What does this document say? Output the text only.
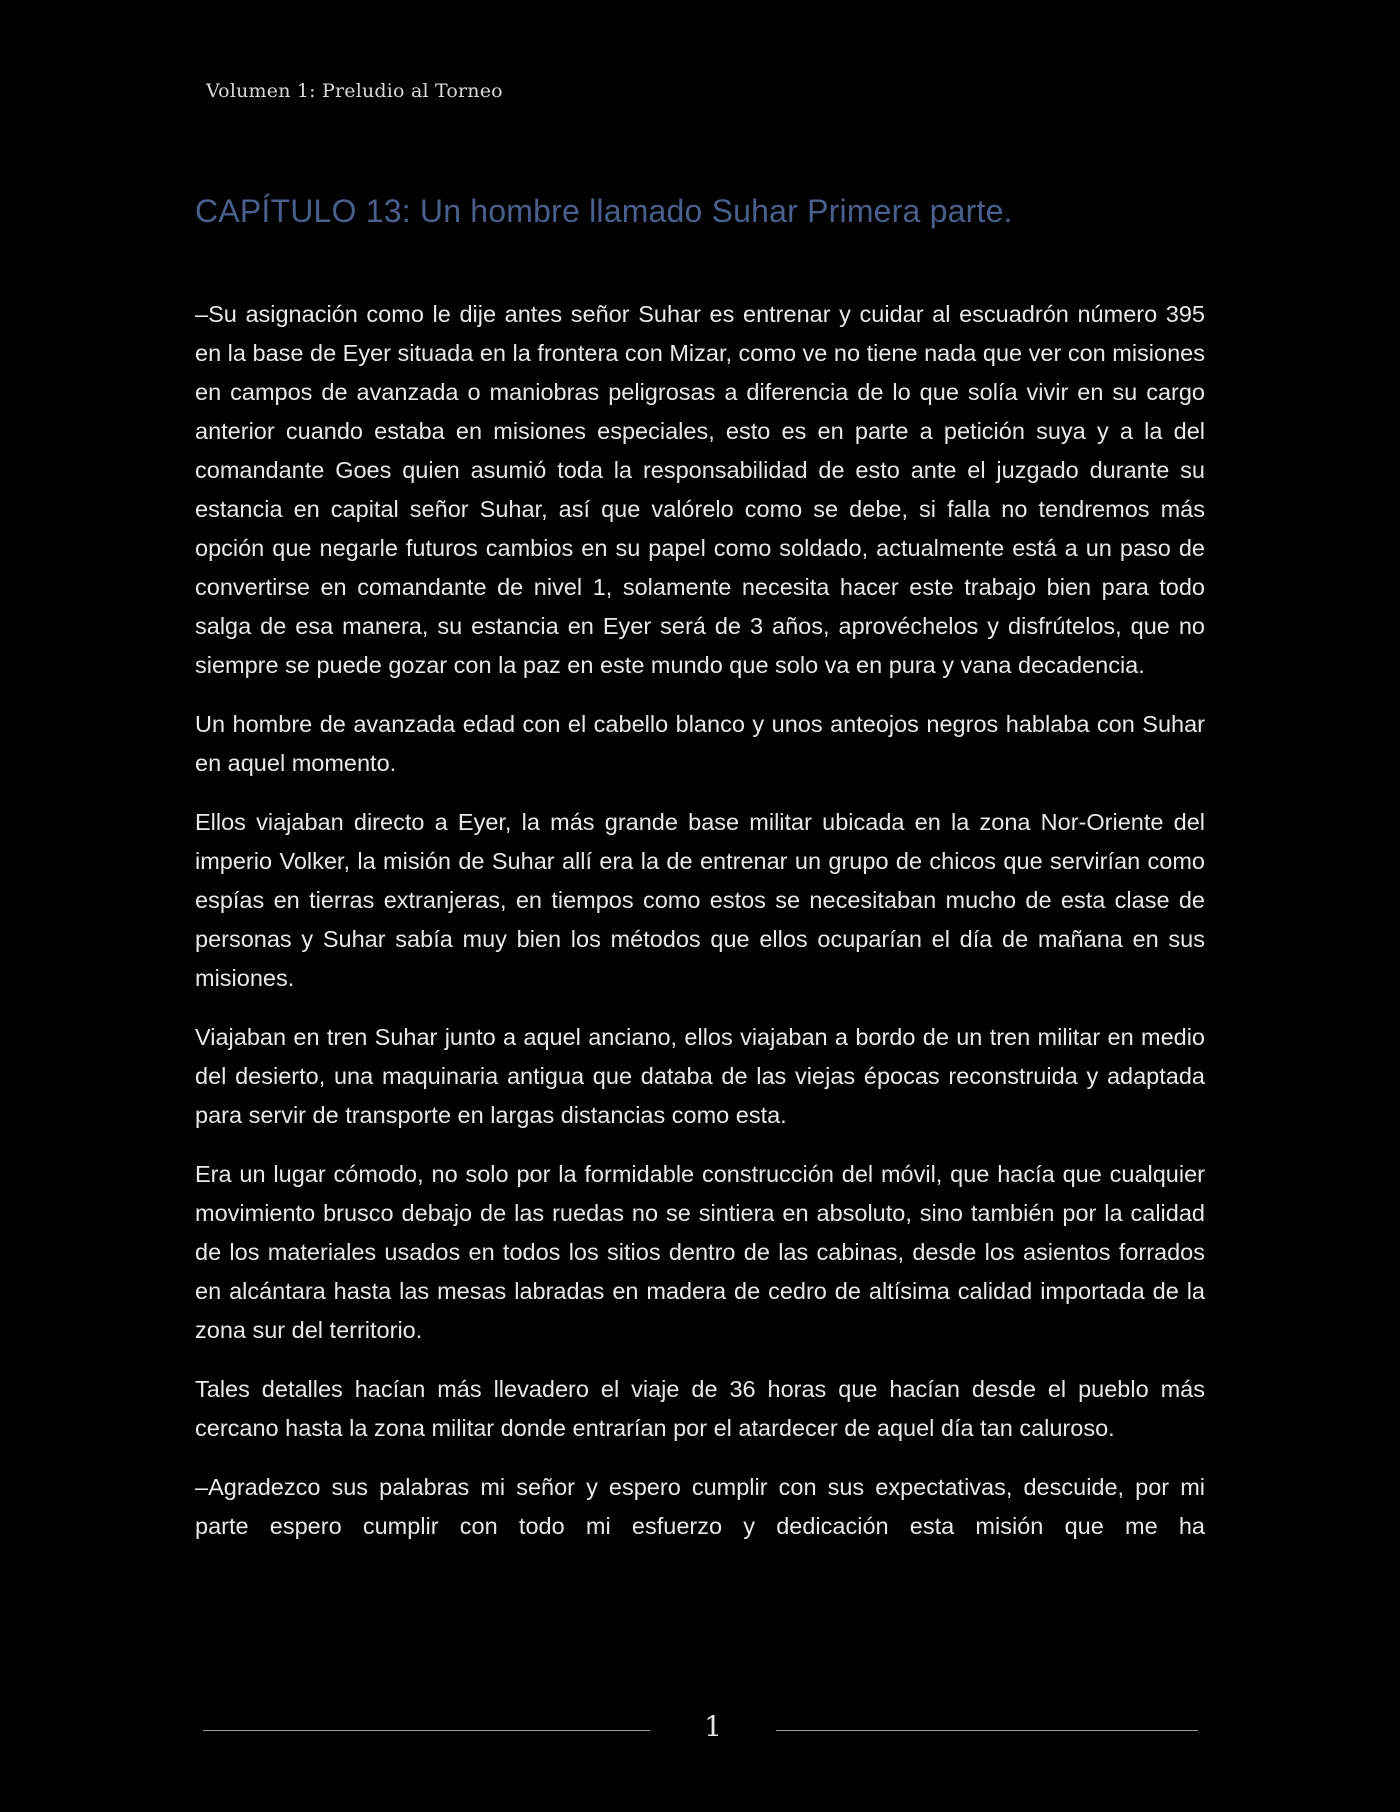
Volumen 1: Preludio al Torneo
CAPÍTULO 13: Un hombre llamado Suhar Primera parte.

–Su asignación como le dije antes señor Suhar es entrenar y cuidar al escuadrón número 395 en la base de Eyer situada en la frontera con Mizar, como ve no tiene nada que ver con misiones en campos de avanzada o maniobras peligrosas a diferencia de lo que solía vivir en su cargo anterior cuando estaba en misiones especiales, esto es en parte a petición suya y a la del comandante Goes quien asumió toda la responsabilidad de esto ante el juzgado durante su estancia en capital señor Suhar, así que valórelo como se debe, si falla no tendremos más opción que negarle futuros cambios en su papel como soldado, actualmente está a un paso de convertirse en comandante de nivel 1, solamente necesita hacer este trabajo bien para todo salga de esa manera, su estancia en Eyer será de 3 años, aprovéchelos y disfrútelos, que no siempre se puede gozar con la paz en este mundo que solo va en pura y vana decadencia.

Un hombre de avanzada edad con el cabello blanco y unos anteojos negros hablaba con Suhar en aquel momento.

Ellos viajaban directo a Eyer, la más grande base militar ubicada en la zona Nor-Oriente del imperio Volker, la misión de Suhar allí era la de entrenar un grupo de chicos que servirían como espías en tierras extranjeras, en tiempos como estos se necesitaban mucho de esta clase de personas y Suhar sabía muy bien los métodos que ellos ocuparían el día de mañana en sus misiones.

Viajaban en tren Suhar junto a aquel anciano, ellos viajaban a bordo de un tren militar en medio del desierto, una maquinaria antigua que databa de las viejas épocas reconstruida y adaptada para servir de transporte en largas distancias como esta.

Era un lugar cómodo, no solo por la formidable construcción del móvil, que hacía que cualquier movimiento brusco debajo de las ruedas no se sintiera en absoluto, sino también por la calidad de los materiales usados en todos los sitios dentro de las cabinas, desde los asientos forrados en alcántara hasta las mesas labradas en madera de cedro de altísima calidad importada de la zona sur del territorio.

Tales detalles hacían más llevadero el viaje de 36 horas que hacían desde el pueblo más cercano hasta la zona militar donde entrarían por el atardecer de aquel día tan caluroso.

–Agradezco sus palabras mi señor y espero cumplir con sus expectativas, descuide, por mi parte espero cumplir con todo mi esfuerzo y dedicación esta misión que me ha

1
